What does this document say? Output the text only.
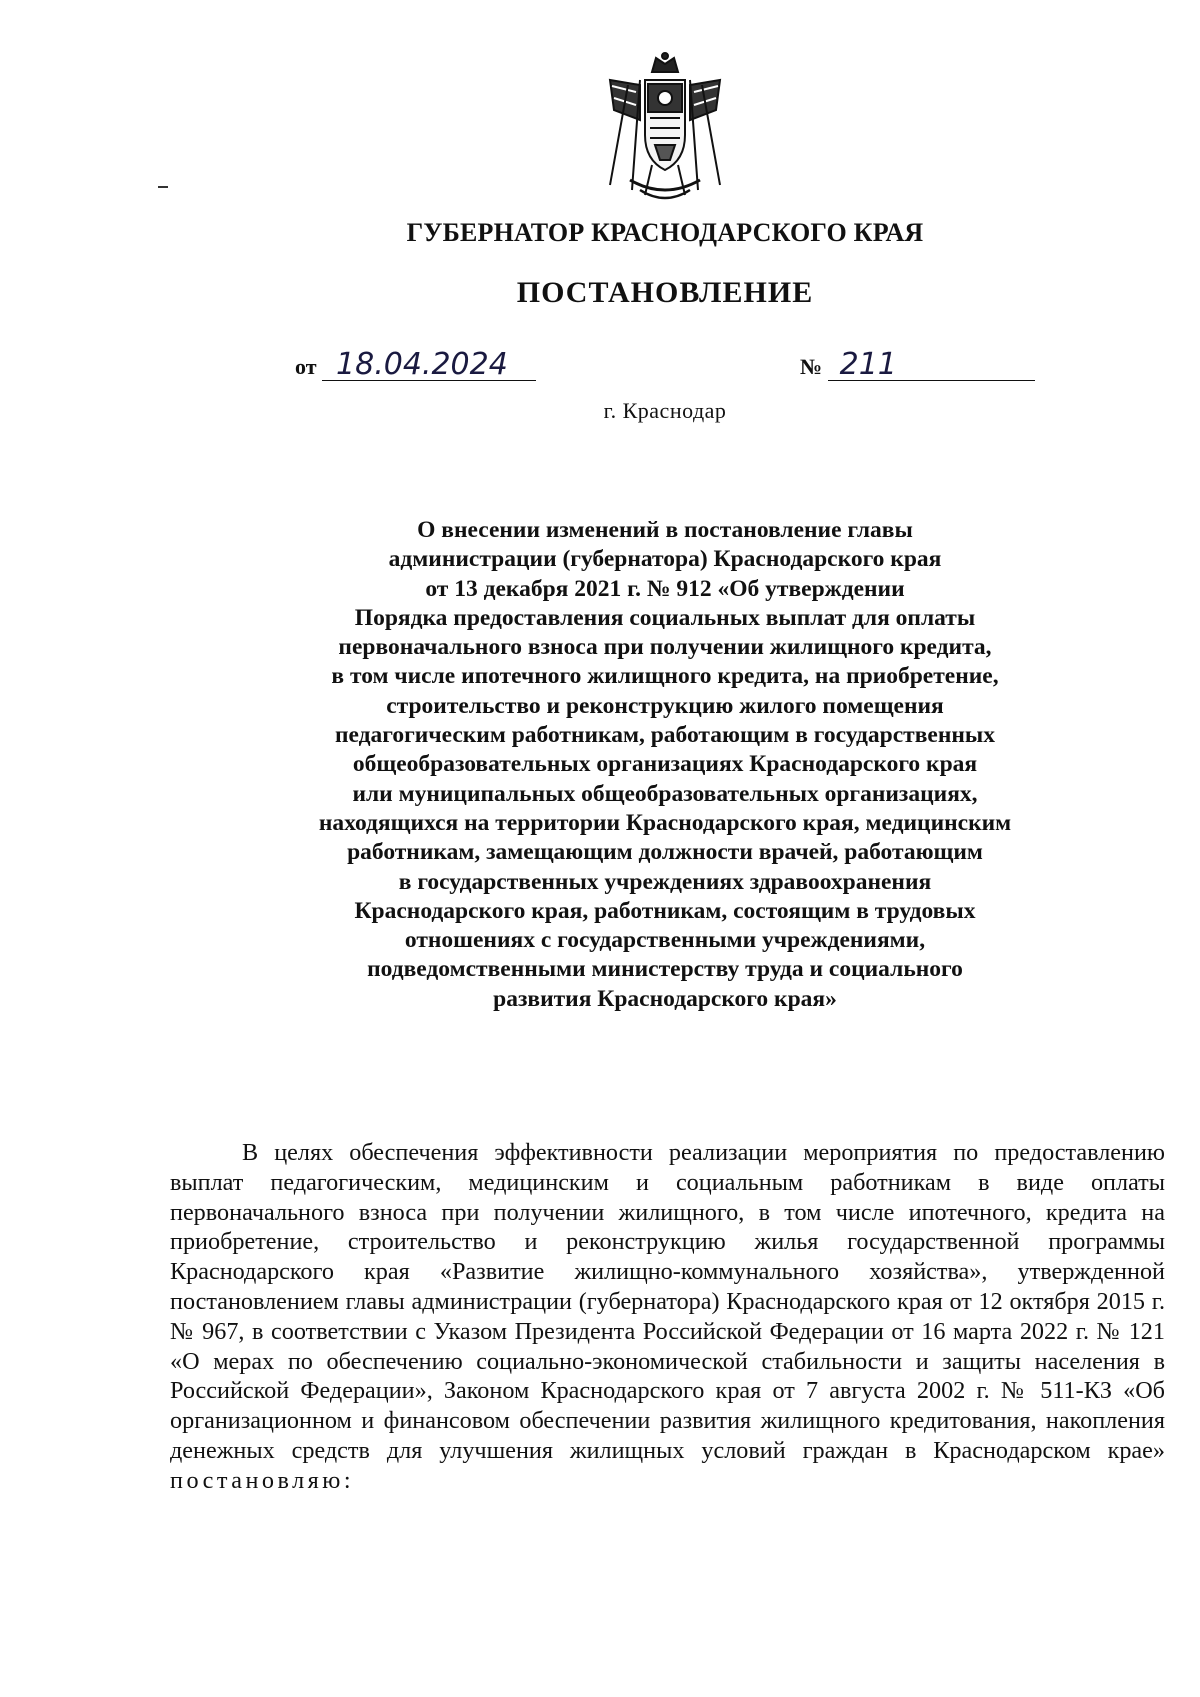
ГУБЕРНАТОР КРАСНОДАРСКОГО КРАЯ
ПОСТАНОВЛЕНИЕ
от 18.04.2024	№ 211
г. Краснодар
О внесении изменений в постановление главы
администрации (губернатора) Краснодарского края
от 13 декабря 2021 г. № 912 «Об утверждении
Порядка предоставления социальных выплат для оплаты
первоначального взноса при получении жилищного кредита,
в том числе ипотечного жилищного кредита, на приобретение,
строительство и реконструкцию жилого помещения
педагогическим работникам, работающим в государственных
общеобразовательных организациях Краснодарского края
или муниципальных общеобразовательных организациях,
находящихся на территории Краснодарского края, медицинским
работникам, замещающим должности врачей, работающим
в государственных учреждениях здравоохранения
Краснодарского края, работникам, состоящим в трудовых
отношениях с государственными учреждениями,
подведомственными министерству труда и социального
развития Краснодарского края»

В целях обеспечения эффективности реализации мероприятия по предоставлению выплат педагогическим, медицинским и социальным работникам в виде оплаты первоначального взноса при получении жилищного, в том числе ипотечного, кредита на приобретение, строительство и реконструкцию жилья государственной программы Краснодарского края «Развитие жилищно-коммунального хозяйства», утвержденной постановлением главы администрации (губернатора) Краснодарского края от 12 октября 2015 г. № 967, в соответствии с Указом Президента Российской Федерации от 16 марта 2022 г. № 121 «О мерах по обеспечению социально-экономической стабильности и защиты населения в Российской Федерации», Законом Краснодарского края от 7 августа 2002 г. № 511-КЗ «Об организационном и финансовом обеспечении развития жилищного кредитования, накопления денежных средств для улучшения жилищных условий граждан в Краснодарском крае» постановляю:
